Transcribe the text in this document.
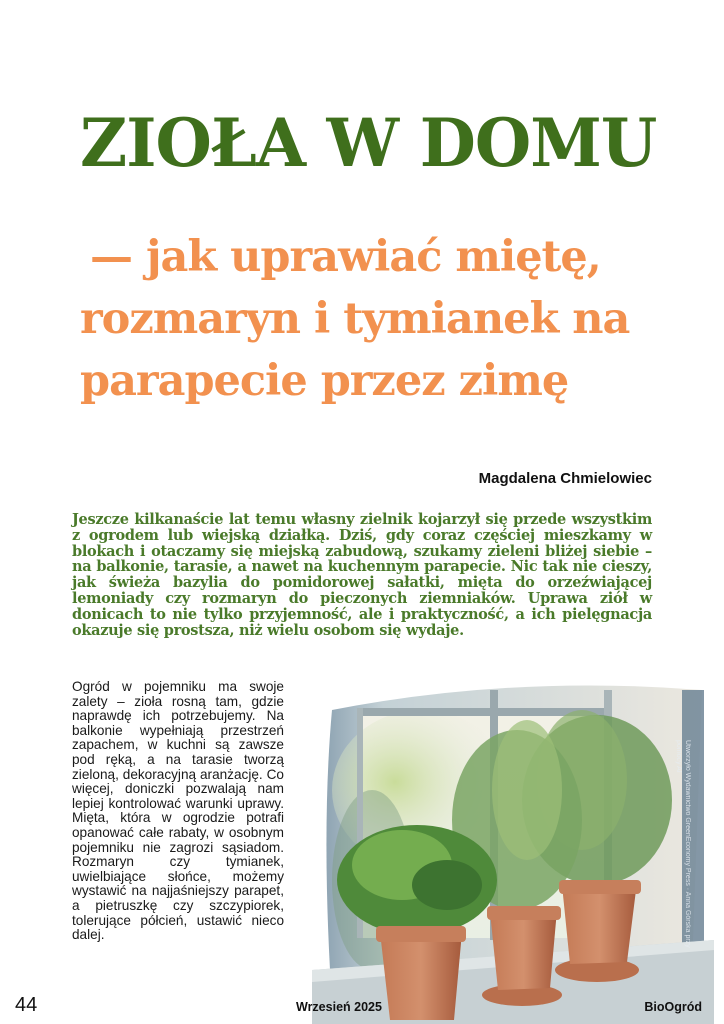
ZIOŁA W DOMU
— jak uprawiać miętę,
rozmaryn i tymianek na
parapecie przez zimę
Magdalena Chmielowiec

Jeszcze kilkanaście lat temu własny zielnik kojarzył się przede wszystkim z ogrodem lub wiejską działką. Dziś, gdy coraz częściej mieszkamy w blokach i otaczamy się miejską zabudową, szukamy zieleni bliżej siebie – na balkonie, tarasie, a nawet na kuchennym parapecie. Nic tak nie cieszy, jak świeża bazylia do pomidorowej sałatki, mięta do orzeźwiającej lemoniady czy rozmaryn do pieczonych ziemniaków. Uprawa ziół w donicach to nie tylko przyjemność, ale i praktyczność, a ich pielęgnacja okazuje się prostsza, niż wielu osobom się wydaje.

Ogród w pojemniku ma swoje zalety – zioła rosną tam, gdzie naprawdę ich potrzebujemy. Na balkonie wypełniają przestrzeń zapachem, w kuchni są zawsze pod ręką, a na tarasie tworzą zieloną, dekoracyjną aranżację. Co więcej, doniczki pozwalają nam lepiej kontrolować warunki uprawy. Mięta, która w ogrodzie potrafi opanować całe rabaty, w osobnym pojemniku nie zagrozi sąsiadom. Rozmaryn czy tymianek, uwielbiające słońce, możemy wystawić na najjaśniejszy parapet, a pietruszkę czy szczypiorek, tolerujące półcień, ustawić nieco dalej.	Utworzyło Wydawnictwo GreenEconomy Press · Anna Górska przy pomocy AI
44	Wrzesień 2025	BioOgród
